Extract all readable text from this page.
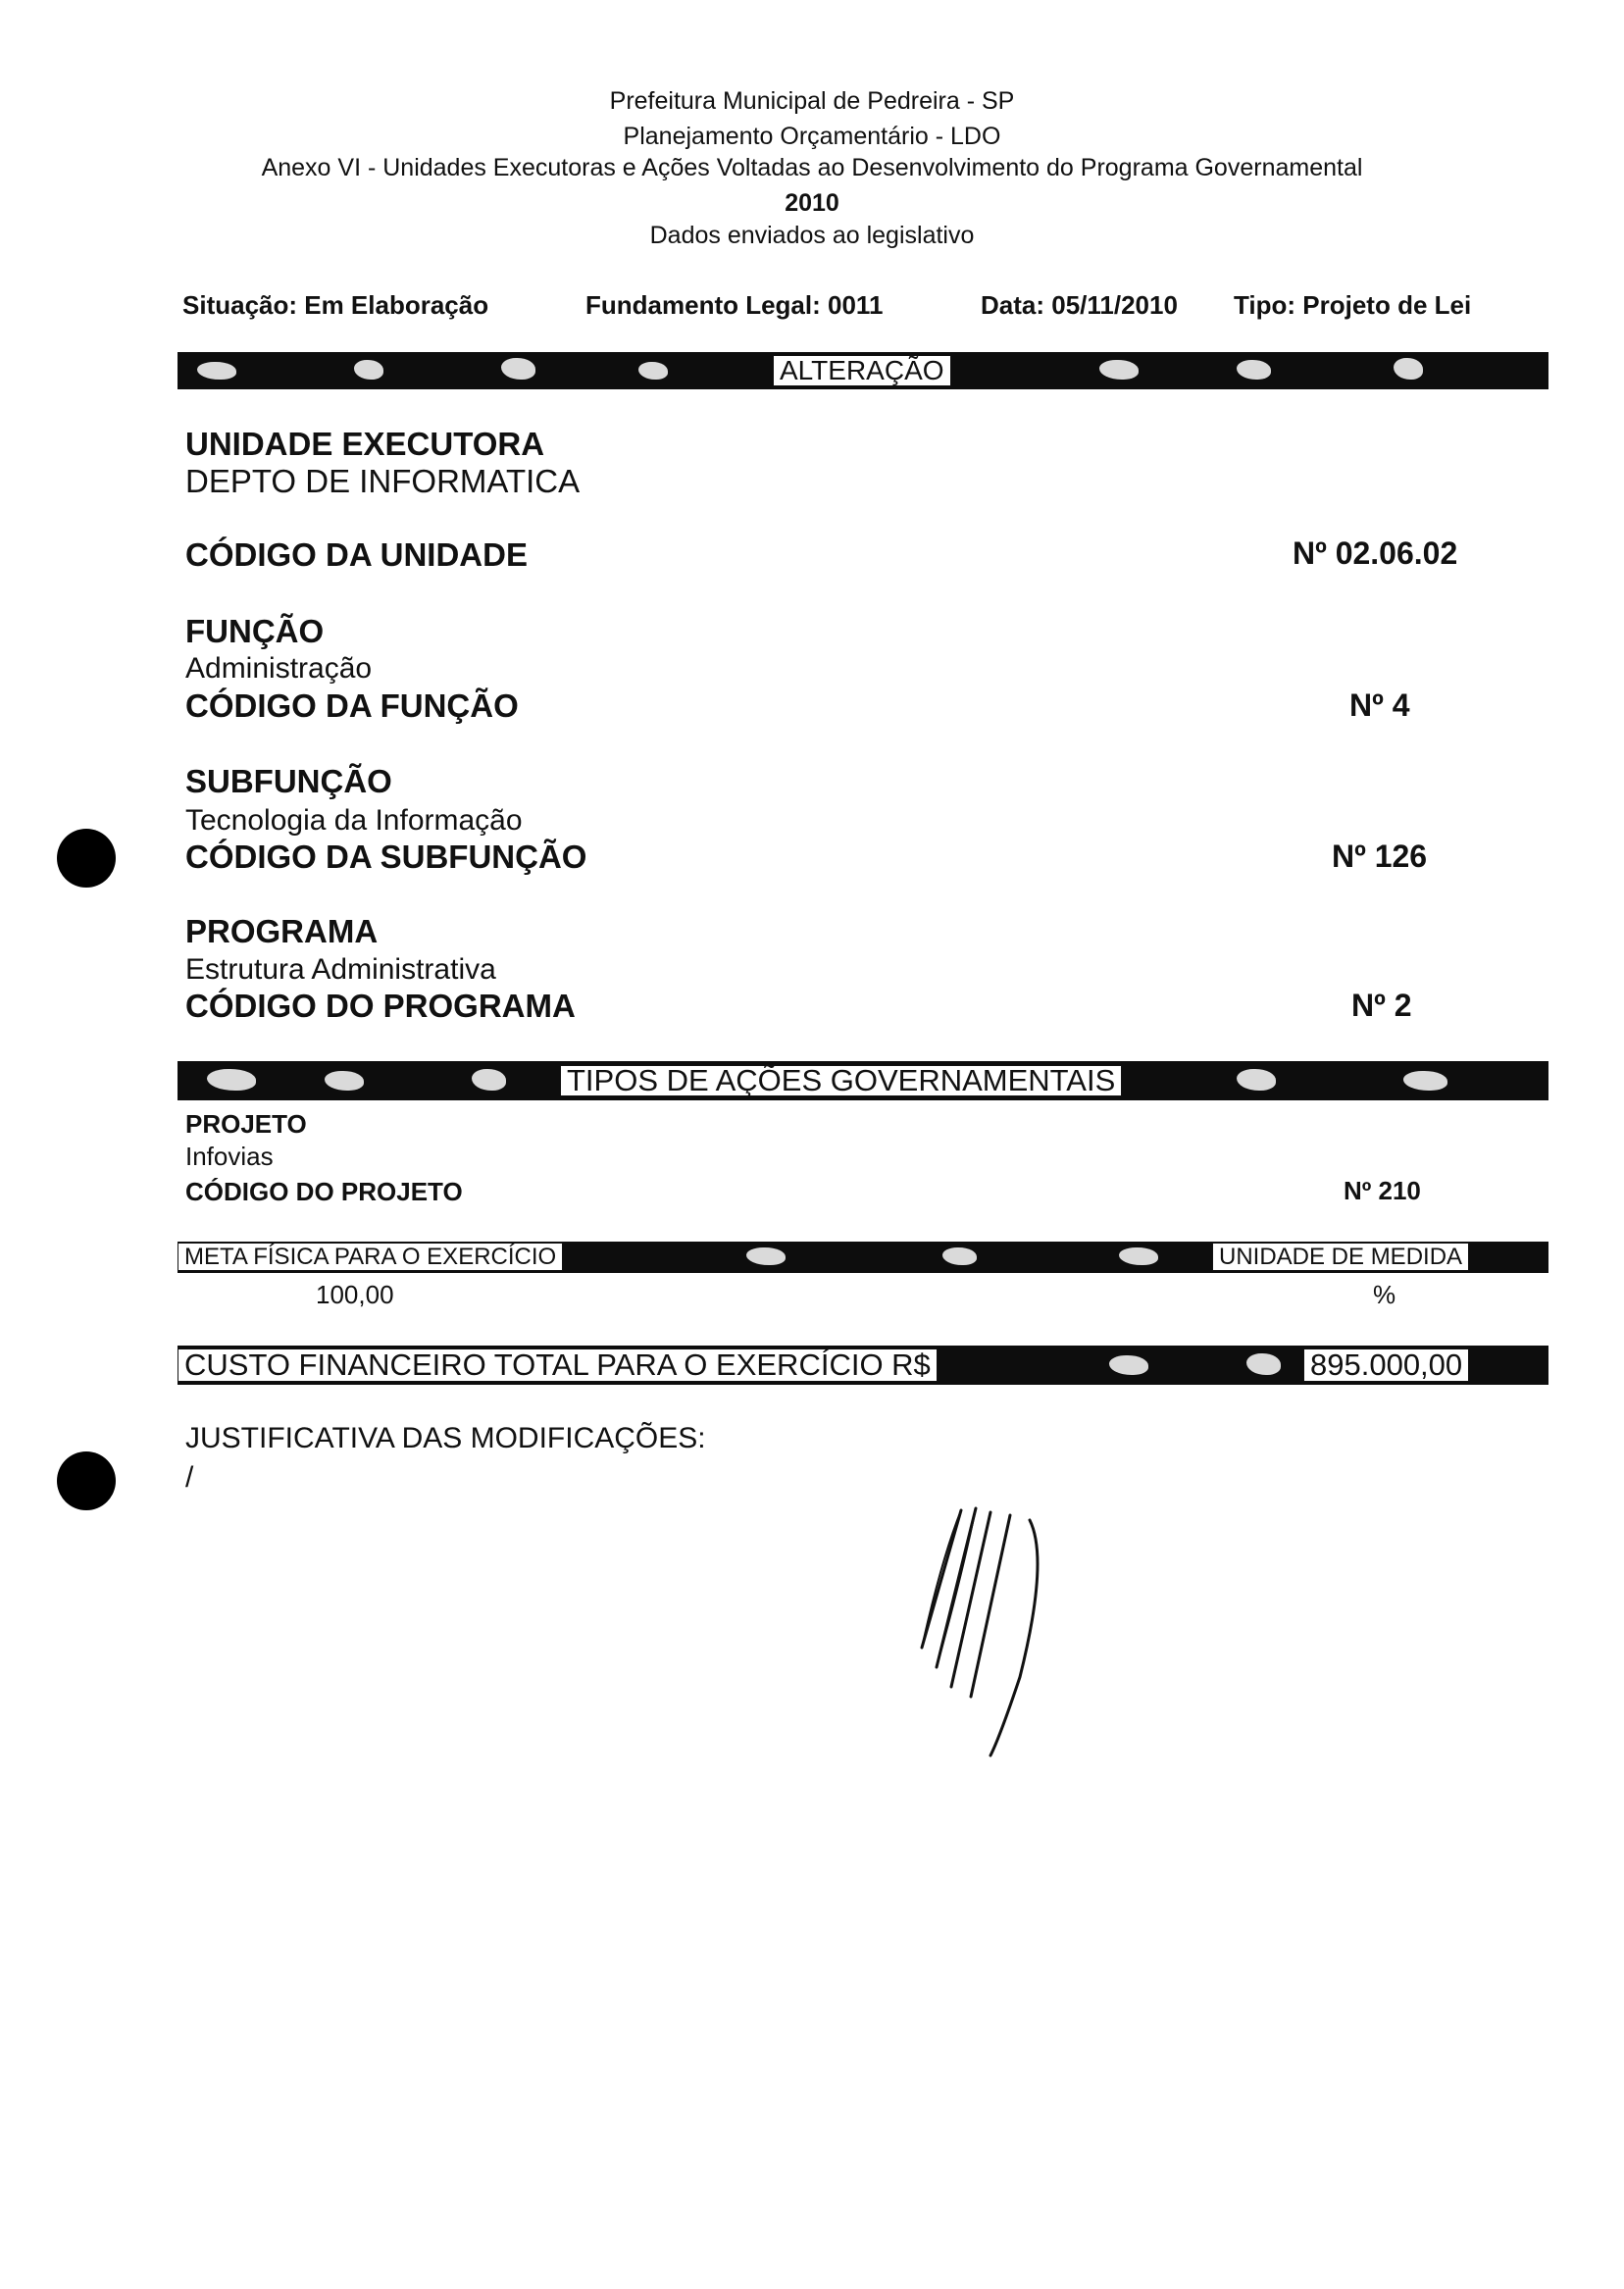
Prefeitura Municipal de Pedreira - SP
Planejamento Orçamentário - LDO
Anexo VI - Unidades Executoras e Ações Voltadas ao Desenvolvimento do Programa Governamental
2010
Dados enviados ao legislativo
Situação: Em Elaboração	Fundamento Legal: 0011	Data: 05/11/2010 Tipo: Projeto de Lei
ALTERAÇÃO
UNIDADE EXECUTORA
DEPTO DE INFORMATICA
CÓDIGO DA UNIDADE	Nº 02.06.02
FUNÇÃO
Administração
CÓDIGO DA FUNÇÃO	Nº 4
SUBFUNÇÃO
Tecnologia da Informação
CÓDIGO DA SUBFUNÇÃO	Nº 126
PROGRAMA
Estrutura Administrativa
CÓDIGO DO PROGRAMA	Nº 2
TIPOS DE AÇÕES GOVERNAMENTAIS
PROJETO
Infovias
CÓDIGO DO PROJETO	Nº 210
META FÍSICA PARA O EXERCÍCIO	UNIDADE DE MEDIDA
100,00	%
CUSTO FINANCEIRO TOTAL PARA O EXERCÍCIO R$	895.000,00
JUSTIFICATIVA DAS MODIFICAÇÕES:
/
